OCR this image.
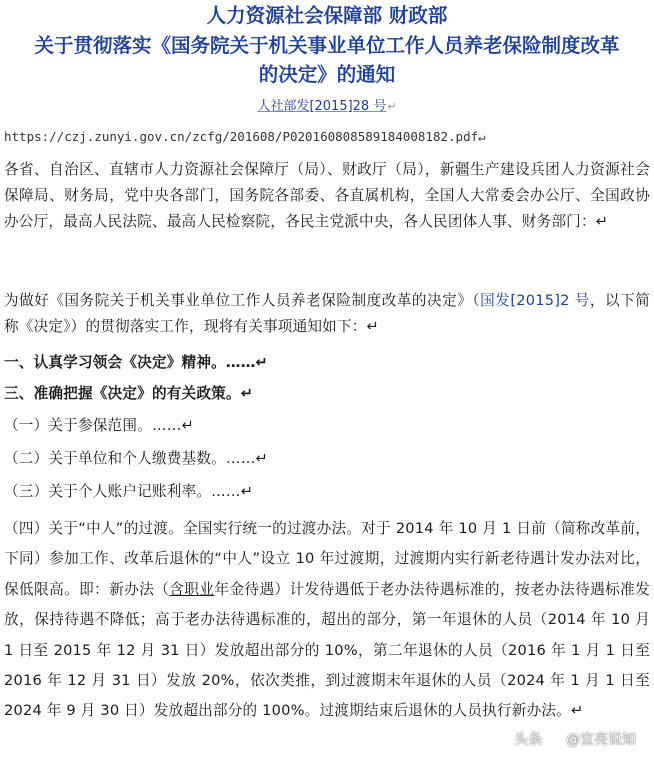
人力资源社会保障部 财政部
关于贯彻落实《国务院关于机关事业单位工作人员养老保险制度改革
的决定》的通知
人社部发[2015]28 号↵
https://czj.zunyi.gov.cn/zcfg/201608/P020160808589184008182.pdf↵
各省、自治区、直辖市人力资源社会保障厅（局）、财政厅（局），新疆生产建设兵团人力资源社会保障局、财务局，党中央各部门，国务院各部委、各直属机构，全国人大常委会办公厅、全国政协办公厅，最高人民法院、最高人民检察院，各民主党派中央，各人民团体人事、财务部门：↵
为做好《国务院关于机关事业单位工作人员养老保险制度改革的决定》（国发[2015]2 号，以下简称《决定》）的贯彻落实工作，现将有关事项通知如下：↵
一、认真学习领会《决定》精神。……↵
三、准确把握《决定》的有关政策。↵
（一）关于参保范围。……↵
（二）关于单位和个人缴费基数。……↵
（三）关于个人账户记账利率。……↵
（四）关于“中人”的过渡。全国实行统一的过渡办法。对于 2014 年 10 月 1 日前（简称改革前，下同）参加工作、改革后退休的“中人”设立 10 年过渡期，过渡期内实行新老待遇计发办法对比，保低限高。即：新办法（含职业年金待遇）计发待遇低于老办法待遇标准的，按老办法待遇标准发放，保持待遇不降低；高于老办法待遇标准的，超出的部分，第一年退休的人员（2014 年 10 月 1 日至 2015 年 12 月 31 日）发放超出部分的 10%，第二年退休的人员（2016 年 1 月 1 日至 2016 年 12 月 31 日）发放 20%，依次类推，到过渡期末年退休的人员（2024 年 1 月 1 日至 2024 年 9 月 30 日）发放超出部分的 100%。过渡期结束后退休的人员执行新办法。↵
头条 @宜亮说知
